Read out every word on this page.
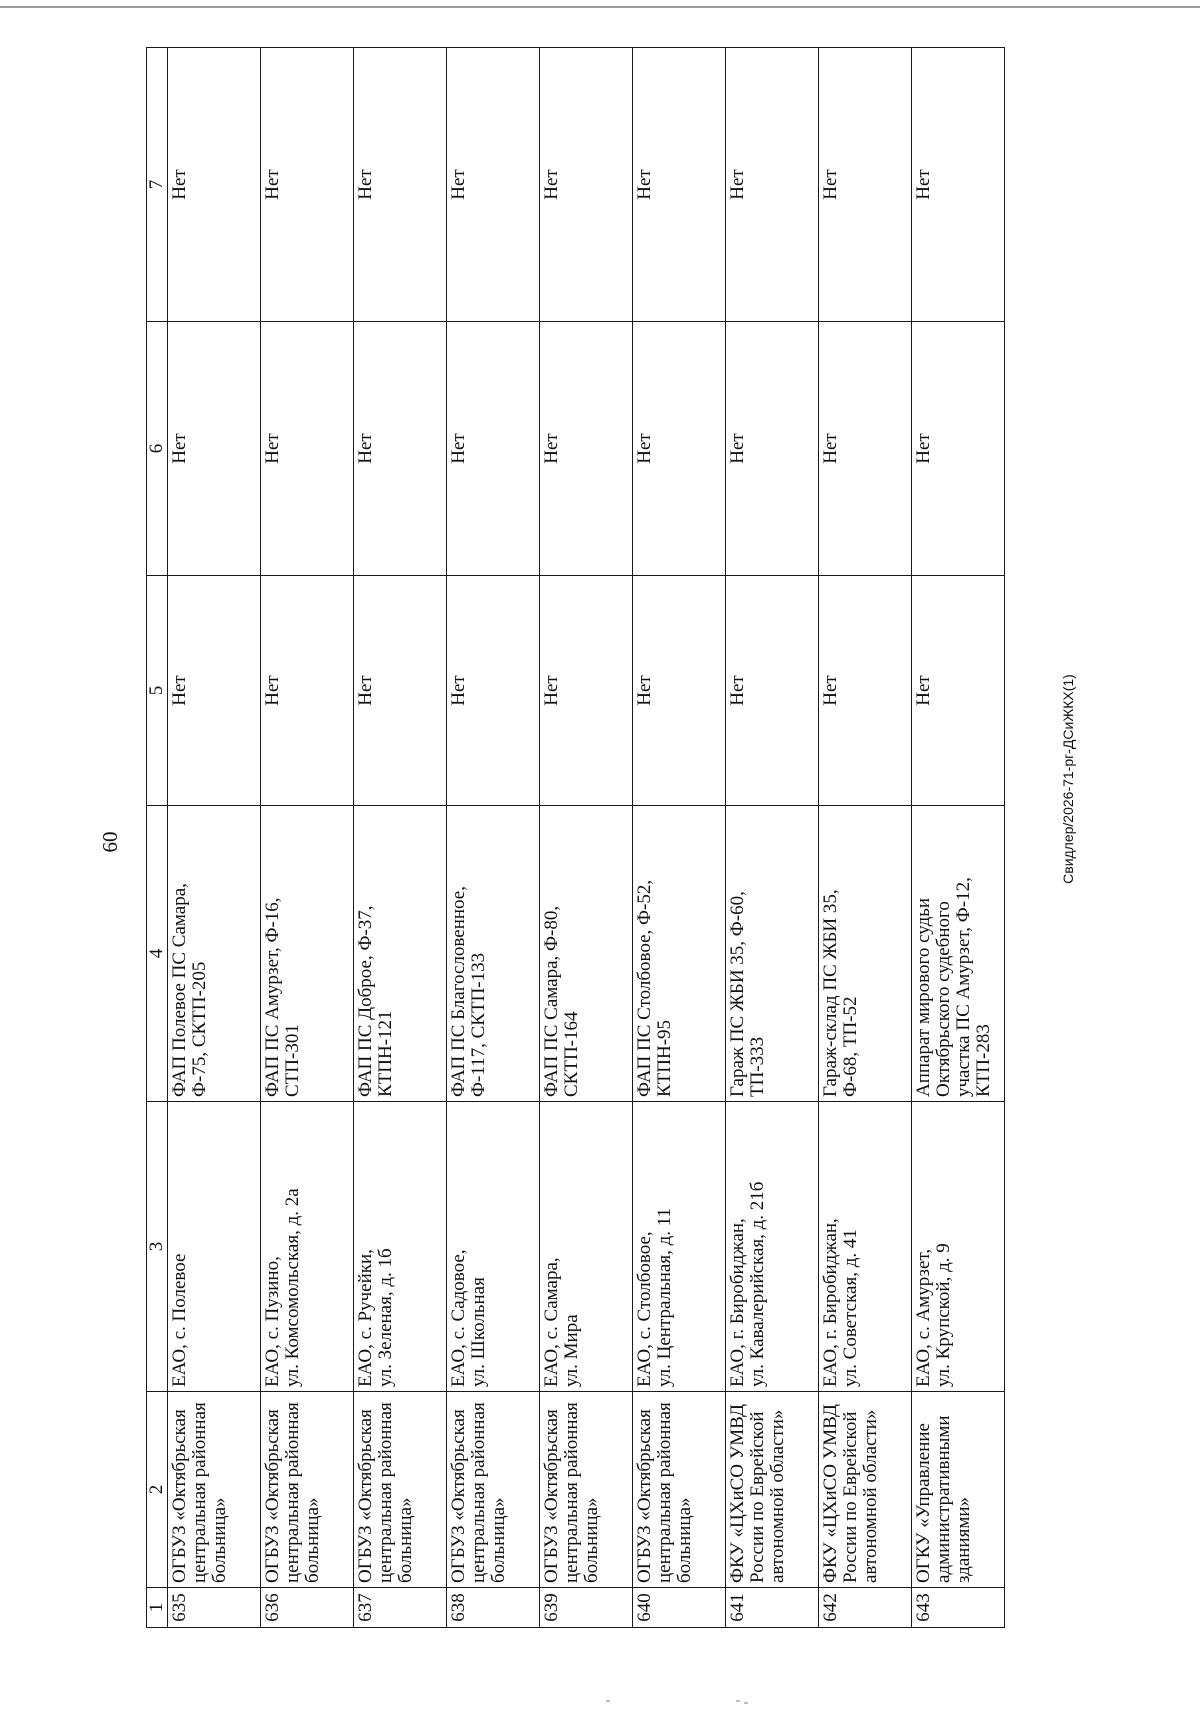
60
1	2	3	4	5	6	7
635	ОГБУЗ «Октябрьская
центральная районная
больница»	ЕАО, с. Полевое	ФАП Полевое ПС Самара,
Ф-75, СКТП-205	Нет	Нет	Нет
636	ОГБУЗ «Октябрьская
центральная районная
больница»	ЕАО, с. Пузино,
ул. Комсомольская, д. 2а	ФАП ПС Амурзет, Ф-16,
СТП-301	Нет	Нет	Нет
637	ОГБУЗ «Октябрьская
центральная районная
больница»	ЕАО, с. Ручейки,
ул. Зеленая, д. 1б	ФАП ПС Доброе, Ф-37,
КТПН-121	Нет	Нет	Нет
638	ОГБУЗ «Октябрьская
центральная районная
больница»	ЕАО, с. Садовое,
ул. Школьная	ФАП ПС Благословенное,
Ф-117, СКТП-133	Нет	Нет	Нет
639	ОГБУЗ «Октябрьская
центральная районная
больница»	ЕАО, с. Самара,
ул. Мира	ФАП ПС Самара, Ф-80,
СКТП-164	Нет	Нет	Нет
640	ОГБУЗ «Октябрьская
центральная районная
больница»	ЕАО, с. Столбовое,
ул. Центральная, д. 11	ФАП ПС Столбовое, Ф-52,
КТПН-95	Нет	Нет	Нет
641	ФКУ «ЦХиСО УМВД
России по Еврейской
автономной области»	ЕАО, г. Биробиджан,
ул. Кавалерийская, д. 21б	Гараж ПС ЖБИ 35, Ф-60,
ТП-333	Нет	Нет	Нет
642	ФКУ «ЦХиСО УМВД
России по Еврейской
автономной области»	ЕАО, г. Биробиджан,
ул. Советская, д. 41	Гараж-склад ПС ЖБИ 35,
Ф-68, ТП-52	Нет	Нет	Нет
643	ОГКУ «Управление
административными
зданиями»	ЕАО, с. Амурзет,
ул. Крупской, д. 9	Аппарат мирового судьи
Октябрьского судебного
участка ПС Амурзет, Ф-12,
КТП-283	Нет	Нет	Нет
Свидлер/2026-71-рг-ДСиЖКХ(1)
